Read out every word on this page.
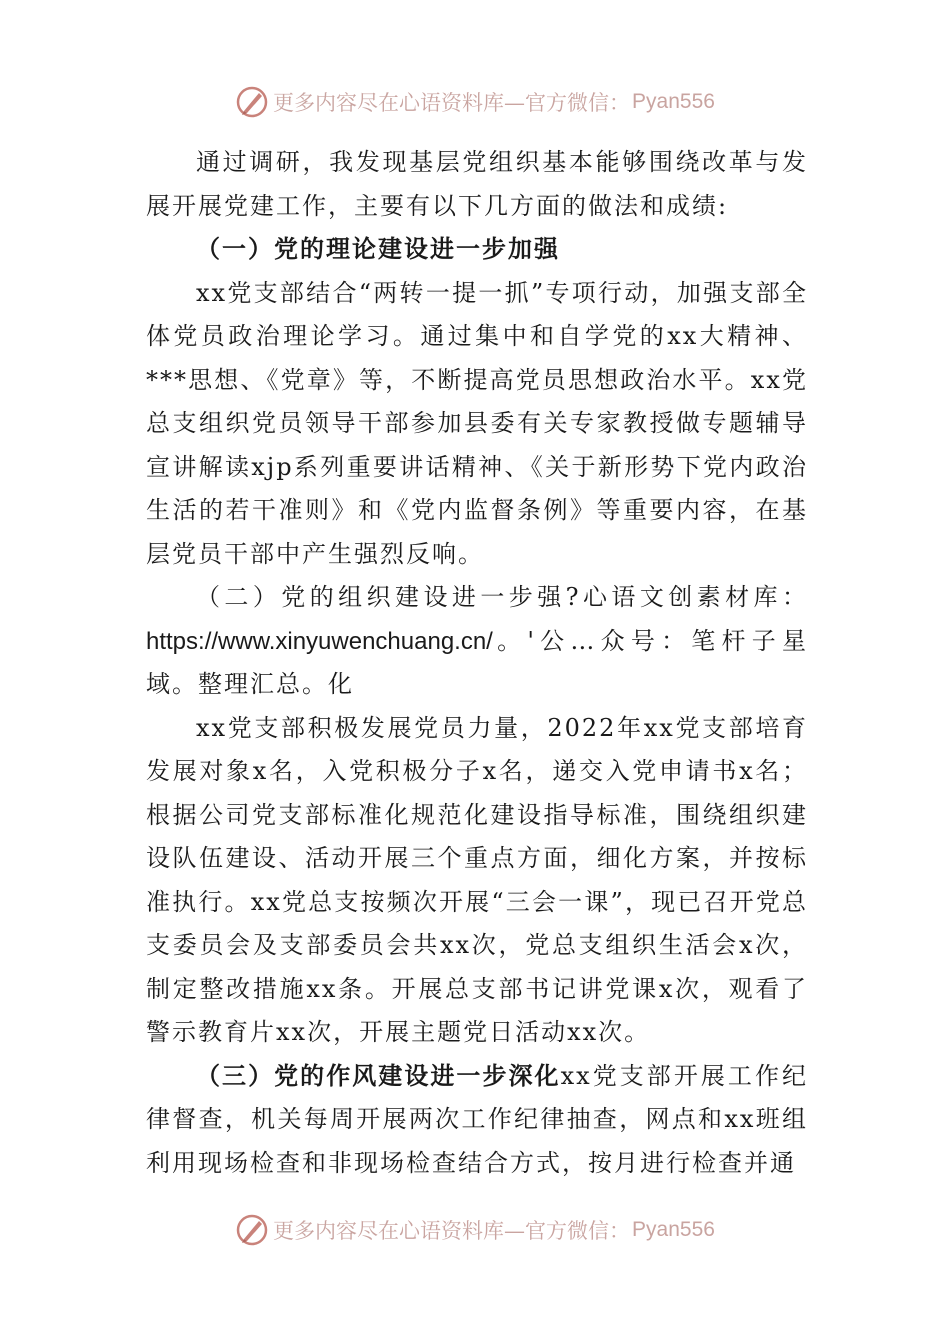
更多内容尽在心语资料库—官方微信： Pyan556

通过调研，我发现基层党组织基本能够围绕改革与发展开展党建工作，主要有以下几方面的做法和成绩:

（一）党的理论建设进一步加强

xx党支部结合“两转一提一抓”专项行动，加强支部全体党员政治理论学习。通过集中和自学党的xx大精神、***思想、《党章》等，不断提高党员思想政治水平。xx党总支组织党员领导干部参加县委有关专家教授做专题辅导宣讲解读xjp系列重要讲话精神、《关于新形势下党内政治生活的若干准则》和《党内监督条例》等重要内容，在基层党员干部中产生强烈反响。

（二）党的组织建设进一步强?心语文创素材库：https://www.xinyuwenchuang.cn/。'公…众号：笔杆子星域。整理汇总。化

xx党支部积极发展党员力量，2022年xx党支部培育发展对象x名，入党积极分子x名，递交入党申请书x名；根据公司党支部标准化规范化建设指导标准，围绕组织建设队伍建设、活动开展三个重点方面，细化方案，并按标准执行。xx党总支按频次开展“三会一课”，现已召开党总支委员会及支部委员会共xx次，党总支组织生活会x次，制定整改措施xx条。开展总支部书记讲党课x次，观看了警示教育片xx次，开展主题党日活动xx次。

（三）党的作风建设进一步深化xx党支部开展工作纪律督查，机关每周开展两次工作纪律抽查，网点和xx班组利用现场检查和非现场检查结合方式，按月进行检查并通

更多内容尽在心语资料库—官方微信： Pyan556
